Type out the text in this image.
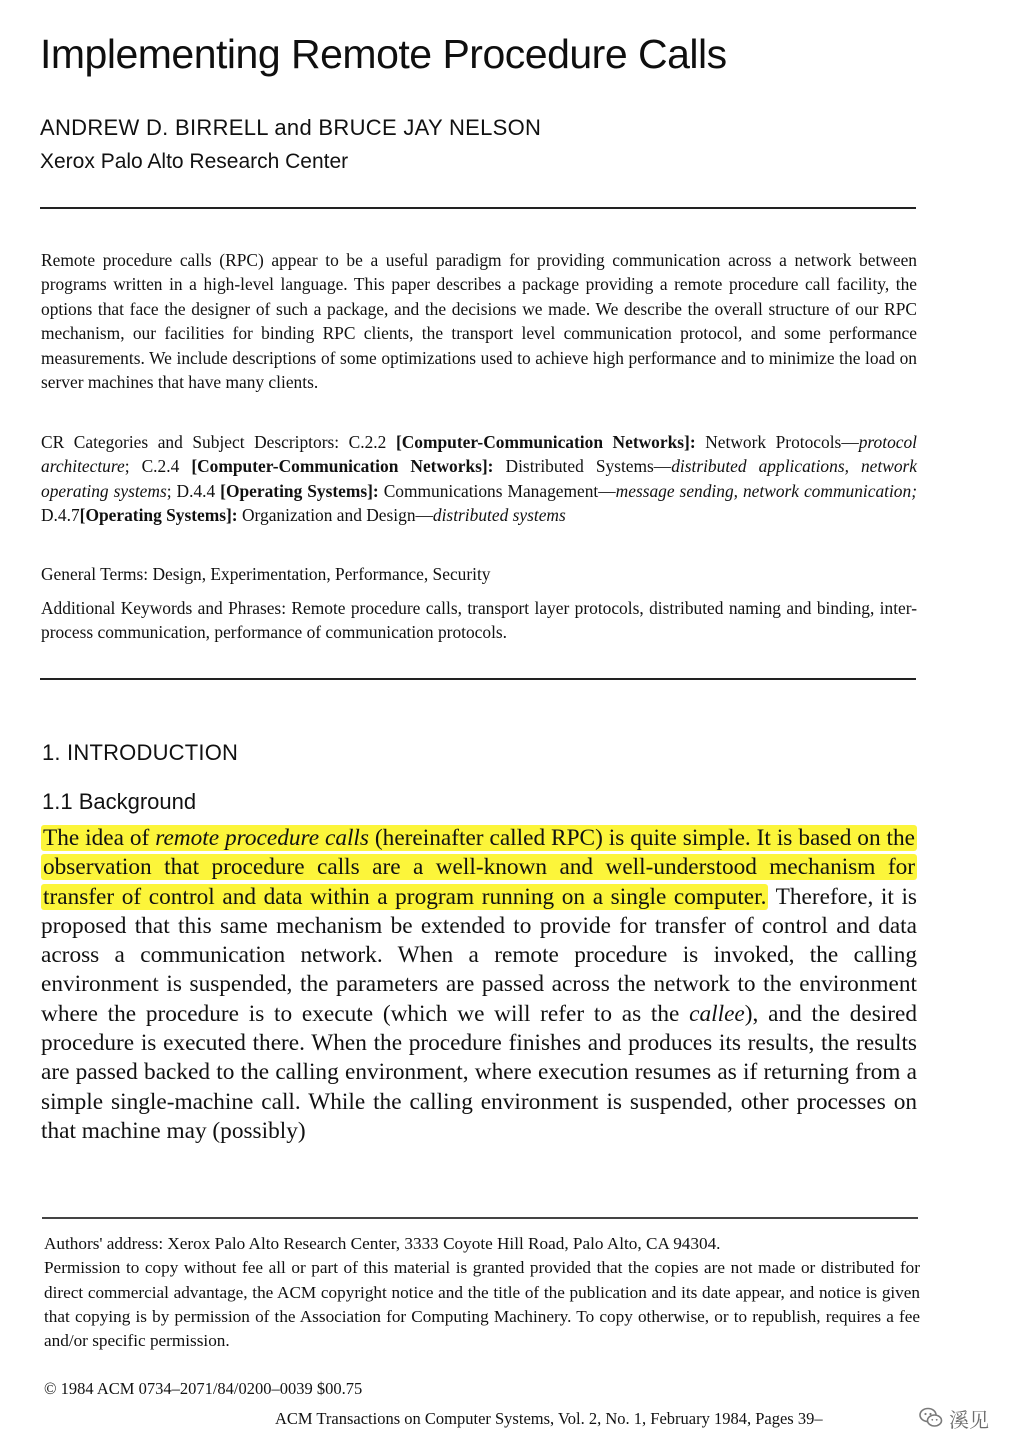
Implementing Remote Procedure Calls
ANDREW D. BIRRELL and BRUCE JAY NELSON
Xerox Palo Alto Research Center

Remote procedure calls (RPC) appear to be a useful paradigm for providing communication across a network between programs written in a high-level language. This paper describes a package providing a remote procedure call facility, the options that face the designer of such a package, and the decisions we made. We describe the overall structure of our RPC mechanism, our facilities for binding RPC clients, the transport level communication protocol, and some performance measurements. We include descriptions of some optimizations used to achieve high performance and to minimize the load on server machines that have many clients.

CR Categories and Subject Descriptors: C.2.2 [Computer-Communication Networks]: Network Protocols—protocol architecture; C.2.4 [Computer-Communication Networks]: Distributed Systems—distributed applications, network operating systems; D.4.4 [Operating Systems]: Communications Management—message sending, network communication; D.4.7[Operating Systems]: Organization and Design—distributed systems

General Terms: Design, Experimentation, Performance, Security

Additional Keywords and Phrases: Remote procedure calls, transport layer protocols, distributed naming and binding, inter-process communication, performance of communication protocols.

1. INTRODUCTION
1.1 Background

The idea of remote procedure calls (hereinafter called RPC) is quite simple. It is based on the observation that procedure calls are a well-known and well-understood mechanism for transfer of control and data within a program running on a single computer. Therefore, it is proposed that this same mechanism be extended to provide for transfer of control and data across a communication network. When a remote procedure is invoked, the calling environment is suspended, the parameters are passed across the network to the environment where the procedure is to execute (which we will refer to as the callee), and the desired procedure is executed there. When the procedure finishes and produces its results, the results are passed backed to the calling environment, where execution resumes as if returning from a simple single-machine call. While the calling environment is suspended, other processes on that machine may (possibly)

Authors' address: Xerox Palo Alto Research Center, 3333 Coyote Hill Road, Palo Alto, CA 94304.
Permission to copy without fee all or part of this material is granted provided that the copies are not made or distributed for direct commercial advantage, the ACM copyright notice and the title of the publication and its date appear, and notice is given that copying is by permission of the Association for Computing Machinery. To copy otherwise, or to republish, requires a fee and/or specific permission.

© 1984 ACM 0734–2071/84/0200–0039 $00.75
ACM Transactions on Computer Systems, Vol. 2, No. 1, February 1984, Pages 39–	溪见
